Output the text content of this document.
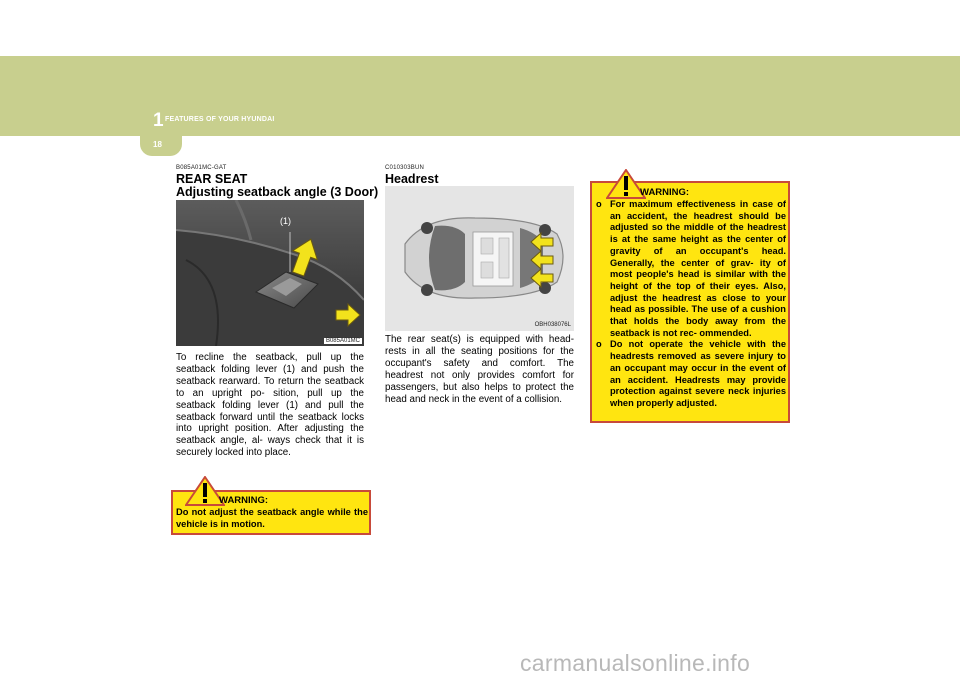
1 FEATURES OF YOUR HYUNDAI
18
B085A01MC-GAT
REAR SEAT
Adjusting seatback angle (3 Door)
(1)
B085A01MC
To recline the seatback, pull up the seatback folding lever (1) and push the seatback rearward. To return the seatback to an upright po- sition, pull up the seatback folding lever (1) and pull the seatback forward until the seatback locks into upright position. After adjusting the seatback angle, al- ways check that it is securely locked into place.
WARNING:
Do not adjust the seatback angle while the vehicle is in motion.
C010303BUN
Headrest
OBH038076L
The rear seat(s) is equipped with head- rests in all the seating positions for the occupant's safety and comfort. The headrest not only provides comfort for passengers, but also helps to protect the head and neck in the event of a collision.
WARNING:
o For maximum effectiveness in case of an accident, the headrest should be adjusted so the middle of the headrest is at the same height as the center of gravity of an occupant's head. Generally, the center of grav- ity of most people's head is similar with the height of the top of their eyes. Also, adjust the headrest as close to your head as possible. The use of a cushion that holds the body away from the seatback is not rec- ommended.
o Do not operate the vehicle with the headrests removed as severe injury to an occupant may occur in the event of an accident. Headrests may provide protection against severe neck injuries when properly adjusted.
carmanualsonline.info
